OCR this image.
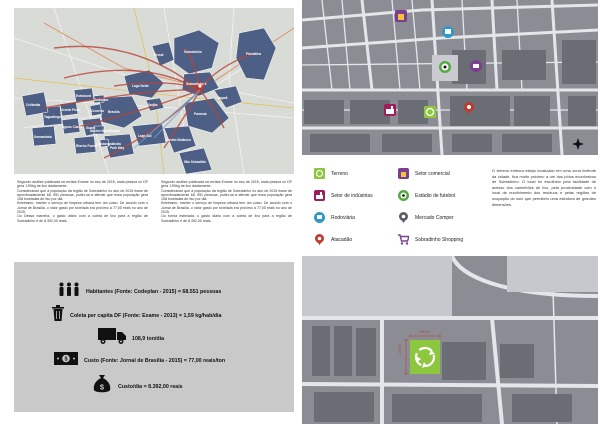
Sobradinho	Planaltina
Lago Norte
Paranoá
Itapoã
Varjão
Brasília
Guará
Cruzeiro
Sudoeste
Lago Sul
Jardim Botânico
São Sebastião
Núcleo Bandeirante
Park Way
Candangolândia
Riacho Fundo
Águas Claras
Vicente Pires
Estrutural
Sobradinho II
Fercal
Taguatinga
Ceilândia
Samambaia

Segundo análise publicada na revista Exame no ano de 2015, cada pessoa no DF gera 1,59kg de lixo diariamente.

Considerando que a população da região de Sobradinho no ano de 2015 fosse de aproximadamente 68. 551 pessoas, poder-se-á afirmar que essa população gera 108 toneladas de lixo por dia.

Entretanto, manter o serviço de limpeza urbana tem um custo. De acordo com o Jornal de Brasília, o valor gasto por tonelada era próximo a 77,00 reais no ano de 2015.

Ou Dessa maneira, o gasto diário com a coleta de lixo para a região de Sobradinho é de 8.392,00 reais.

Segundo análise publicada na revista Exame no ano de 2015, cada pessoa no DF gera 1,59kg de lixo diariamente.

Considerando que a população da região de Sobradinho no ano de 2015 fosse de aproximadamente 68. 551 pessoas, poder-se-á afirmar que essa população gera 108 toneladas de lixo por dia.

Entretanto, manter o serviço de limpeza urbana tem um custo. De acordo com o Jornal de Brasília, o valor gasto por tonelada era próximo a 77,00 reais no ano de 2015.

Ou forma estimada, o gasto diário com a coleta de lixo para a região de Sobradinho é de 8.392,00 reais.

Habitantes (Fonte: Codeplan - 2015) = 68.551 pessoas
Coleta per capita DF (Fonte: Exame - 2013) = 1,59 kg/hab/dia
108,9 ton/dia
$	Custo (Fonte: Jornal de Brasília - 2015) = 77,00 reais/ton
$	Custo/dia = 8.392,00 reais
Terreno	Setor comercial
Setor de indústrias	Estádio de futebol
Rodoviária	Mercado Comper
Atacadão	Sobradinho Shopping
O terreno embora esteja localizado em uma zona limitrofe da cidade, fica muito próximo a um dos pólos econômicos de Sobradinho. O local foi escolhido pela facilidade de acesso dos caminhões de lixo, pela proximidade com o local de recolhimento dos resíduos e pelas regiões de ocupação do solo que permitem uma estrutura de grandes dimensões.
100 m
100 m
